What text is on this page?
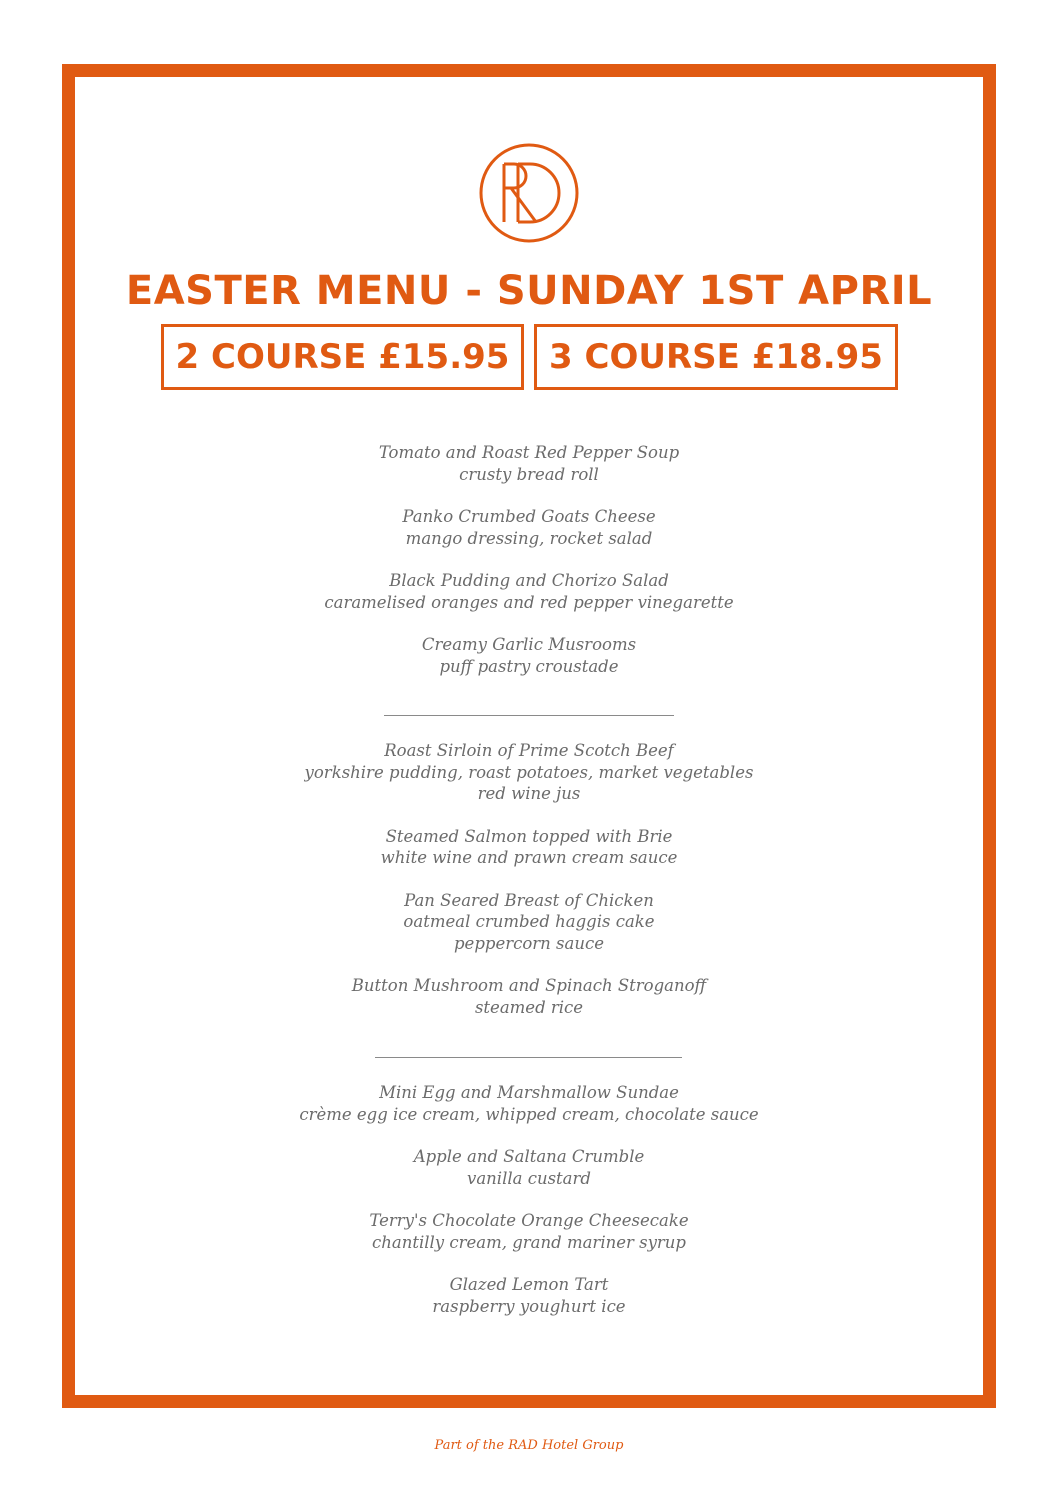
EASTER MENU - SUNDAY 1ST APRIL
2 COURSE £15.95	3 COURSE £18.95
Tomato and Roast Red Pepper Soup
crusty bread roll
Panko Crumbed Goats Cheese
mango dressing, rocket salad
Black Pudding and Chorizo Salad
caramelised oranges and red pepper vinegarette
Creamy Garlic Musrooms
puff pastry croustade
Roast Sirloin of Prime Scotch Beef
yorkshire pudding, roast potatoes, market vegetables
red wine jus
Steamed Salmon topped with Brie
white wine and prawn cream sauce
Pan Seared Breast of Chicken
oatmeal crumbed haggis cake
peppercorn sauce
Button Mushroom and Spinach Stroganoff
steamed rice
Mini Egg and Marshmallow Sundae
crème egg ice cream, whipped cream, chocolate sauce
Apple and Saltana Crumble
vanilla custard
Terry's Chocolate Orange Cheesecake
chantilly cream, grand mariner syrup
Glazed Lemon Tart
raspberry youghurt ice
Part of the RAD Hotel Group
